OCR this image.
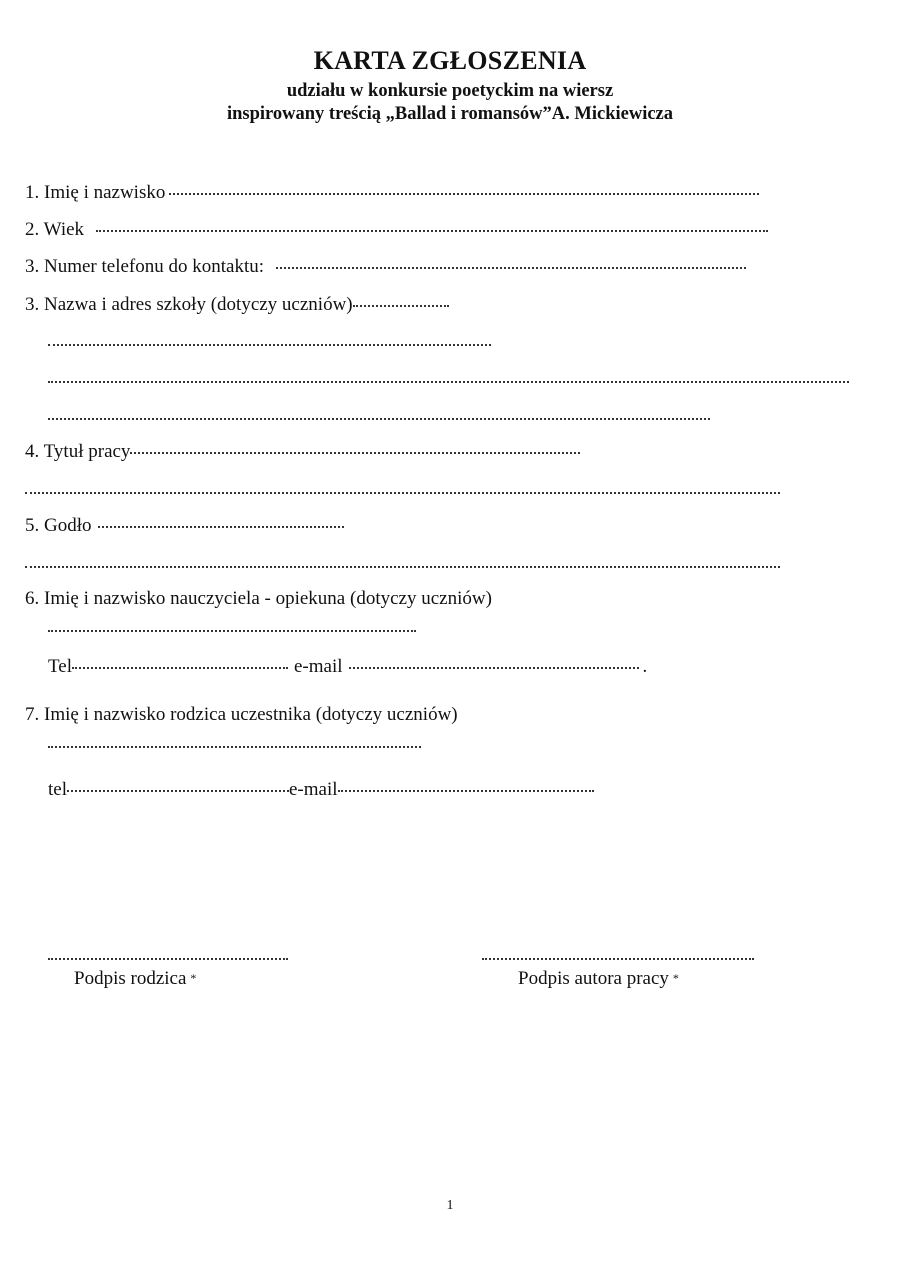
KARTA ZGŁOSZENIA
udziału w konkursie poetyckim na wiersz
inspirowany treścią „Ballad i romansów”A. Mickiewicza
1. Imię i nazwisko
2. Wiek
3. Numer telefonu do kontaktu:
3. Nazwa i adres szkoły (dotyczy uczniów)
4. Tytuł pracy
5. Godło
6. Imię i nazwisko nauczyciela - opiekuna (dotyczy uczniów)
Tel	e-mail	.
7. Imię i nazwisko rodzica uczestnika (dotyczy uczniów)
tel	e-mail
Podpis rodzica *	Podpis autora pracy *
1
